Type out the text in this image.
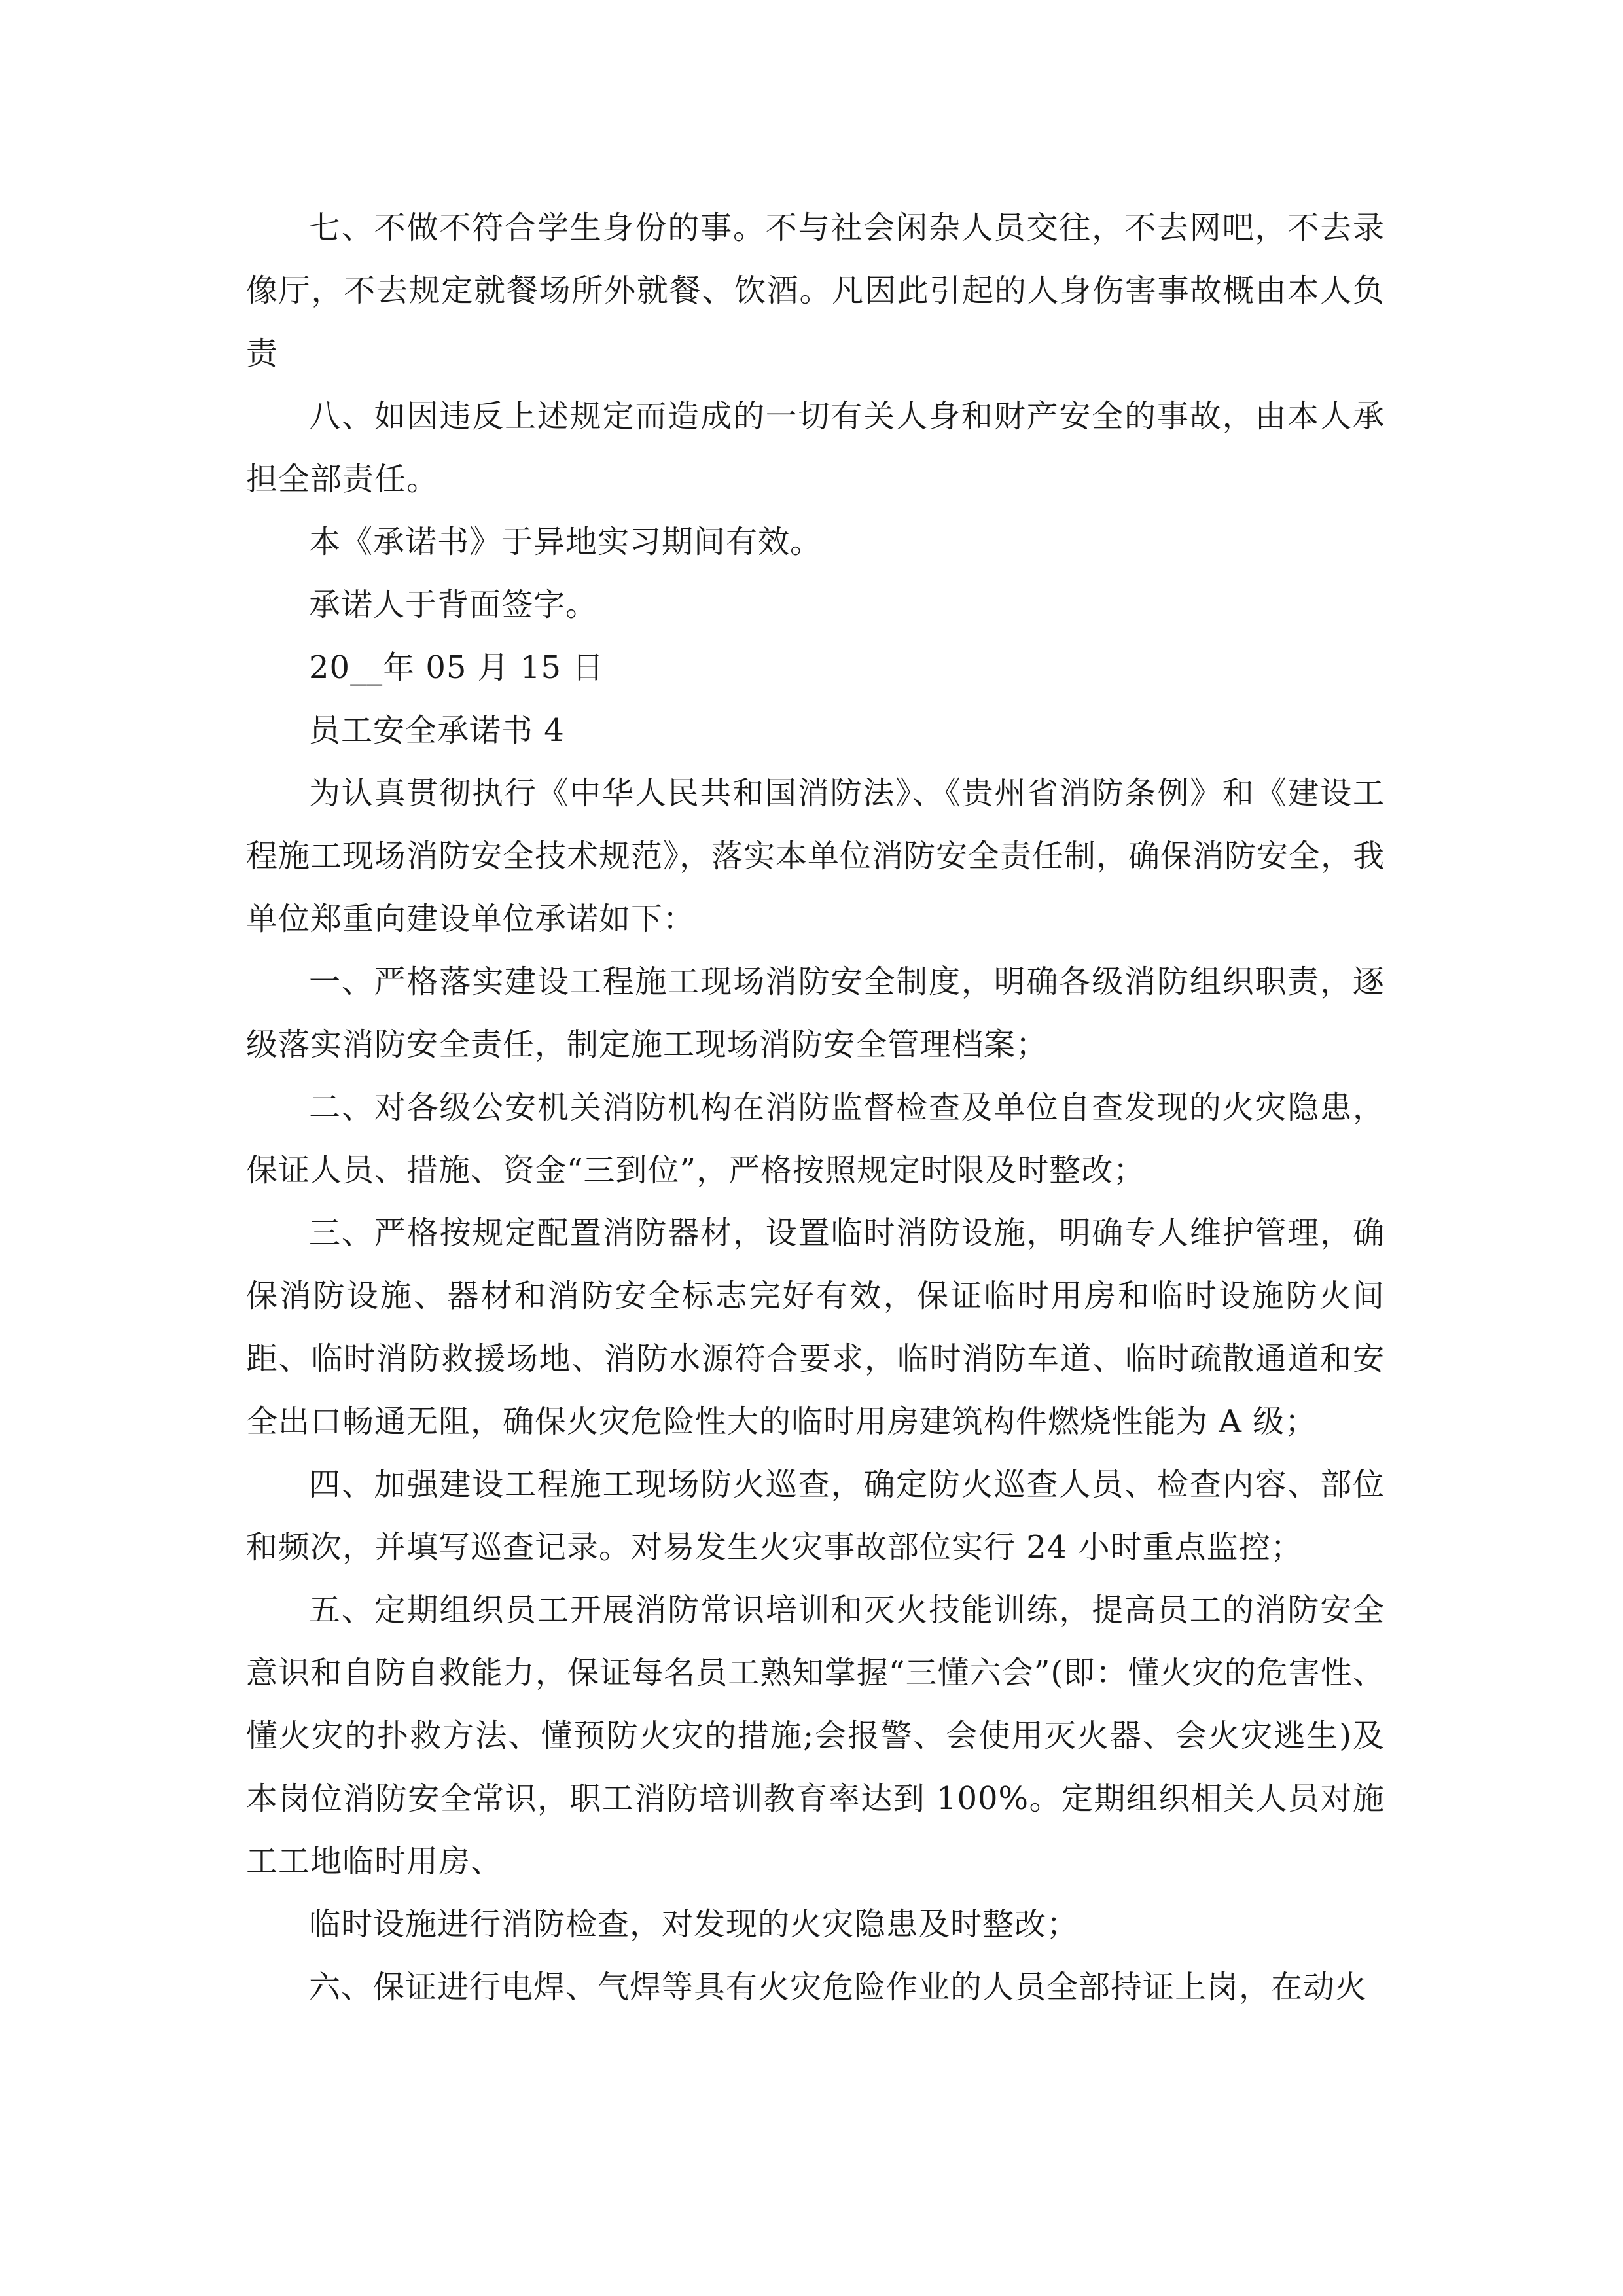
七、不做不符合学生身份的事。不与社会闲杂人员交往，不去网吧，不去录像厅，不去规定就餐场所外就餐、饮酒。凡因此引起的人身伤害事故概由本人负责

八、如因违反上述规定而造成的一切有关人身和财产安全的事故，由本人承担全部责任。

本《承诺书》于异地实习期间有效。

承诺人于背面签字。

20__年 05 月 15 日

员工安全承诺书 4

为认真贯彻执行《中华人民共和国消防法》、《贵州省消防条例》和《建设工程施工现场消防安全技术规范》，落实本单位消防安全责任制，确保消防安全，我单位郑重向建设单位承诺如下：

一、严格落实建设工程施工现场消防安全制度，明确各级消防组织职责，逐级落实消防安全责任，制定施工现场消防安全管理档案；

二、对各级公安机关消防机构在消防监督检查及单位自查发现的火灾隐患，保证人员、措施、资金“三到位”，严格按照规定时限及时整改；

三、严格按规定配置消防器材，设置临时消防设施，明确专人维护管理，确保消防设施、器材和消防安全标志完好有效，保证临时用房和临时设施防火间距、临时消防救援场地、消防水源符合要求，临时消防车道、临时疏散通道和安全出口畅通无阻，确保火灾危险性大的临时用房建筑构件燃烧性能为 A 级；

四、加强建设工程施工现场防火巡查，确定防火巡查人员、检查内容、部位和频次，并填写巡查记录。对易发生火灾事故部位实行 24 小时重点监控；

五、定期组织员工开展消防常识培训和灭火技能训练，提高员工的消防安全意识和自防自救能力，保证每名员工熟知掌握“三懂六会”(即：懂火灾的危害性、懂火灾的扑救方法、懂预防火灾的措施;会报警、会使用灭火器、会火灾逃生)及本岗位消防安全常识，职工消防培训教育率达到 100%。定期组织相关人员对施工工地临时用房、

临时设施进行消防检查，对发现的火灾隐患及时整改；

六、保证进行电焊、气焊等具有火灾危险作业的人员全部持证上岗，在动火
